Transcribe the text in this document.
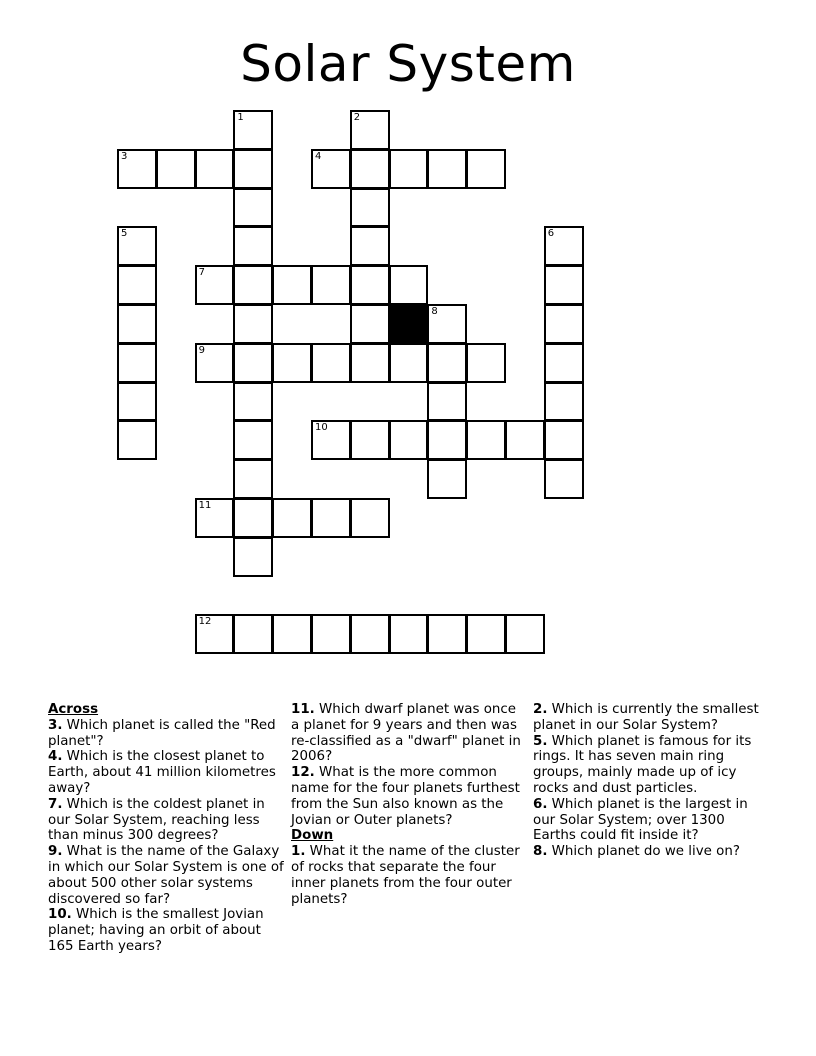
Solar System
1	2
3	4
5	6
7
8
9
10
11
12

Across

3. Which planet is called the "Red planet"?

4. Which is the closest planet to Earth, about 41 million kilometres away?

7. Which is the coldest planet in our Solar System, reaching less than minus 300 degrees?

9. What is the name of the Galaxy in which our Solar System is one of about 500 other solar systems discovered so far?

10. Which is the smallest Jovian planet; having an orbit of about 165 Earth years?

11. Which dwarf planet was once a planet for 9 years and then was re-classified as a "dwarf" planet in 2006?

12. What is the more common name for the four planets furthest from the Sun also known as the Jovian or Outer planets?

Down

1. What it the name of the cluster of rocks that separate the four inner planets from the four outer planets?

2. Which is currently the smallest planet in our Solar System?

5. Which planet is famous for its rings. It has seven main ring groups, mainly made up of icy rocks and dust particles.

6. Which planet is the largest in our Solar System; over 1300 Earths could fit inside it?

8. Which planet do we live on?
